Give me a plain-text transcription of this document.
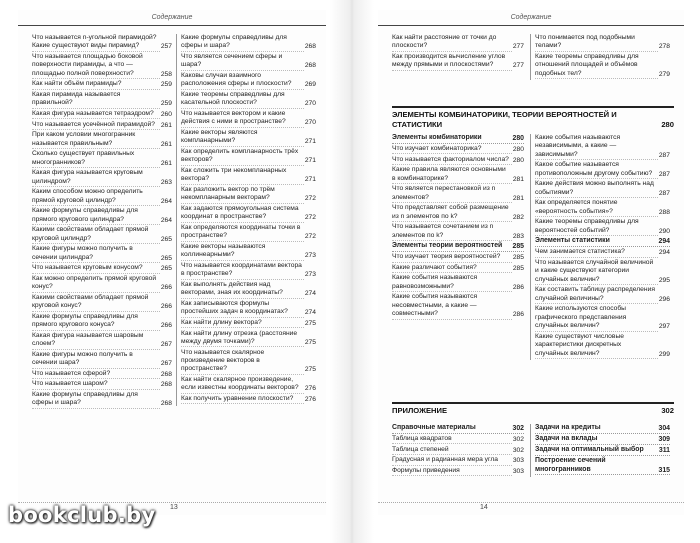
Содержание
Что называется n-угольной пирамидой? Какие существуют виды пирамид?	257
Что называется площадью боковой поверхности пирамиды, а что — площадью полной поверхности?	258
Как найти объём пирамиды?	259
Какая пирамида называется правильной?	259
Какая фигура называется тетраэдром?	260
Что называется усечённой пирамидой? 261
При каком условии многогранник называется правильным?	261
Сколько существует правильных многогранников?	261
Какая фигура называется круговым цилиндром?	263
Каким способом можно определить прямой круговой цилиндр?	264
Какие формулы справедливы для прямого кругового цилиндра?	264
Какими свойствами обладает прямой круговой цилиндр?	265
Какие фигуры можно получить в сечении цилиндра?	265
Что называется круговым конусом?	265
Как можно определить прямой круговой конус?	266
Какими свойствами обладает прямой круговой конус?	266
Какие формулы справедливы для прямого кругового конуса?	266
Какая фигура называется шаровым слоем?	267
Какие фигуры можно получить в сечении шара?	267
Что называется сферой?	268
Что называется шаром?	268
Какие формулы справедливы для сферы и шара?	268
Какие формулы справедливы для сферы и шара?	268
Что является сечением сферы и шара?	268
Каковы случаи взаимного расположения сферы и плоскости?	269
Какие теоремы справедливы для касательной плоскости?	270
Что называется вектором и какие действия с ними в пространстве?	270
Какие векторы являются компланарными?	271
Как определить компланарность трёх векторов?	271
Как сложить три некомпланарных вектора?	271
Как разложить вектор по трём некомпланарным векторам?	272
Как задаются прямоугольная система координат в пространстве?	272
Как определяются координаты точки в пространстве?	272
Какие векторы называются коллинеарными?	273
Что называется координатами вектора в пространстве?	273
Как выполнять действия над векторами, зная их координаты?	274
Как записываются формулы простейших задач в координатах?	274
Как найти длину вектора?	275
Как найти длину отрезка (расстояние между двумя точками)?	275
Что называется скалярное произведение векторов в пространстве?	275
Как найти скалярное произведение, если известны координаты векторов? 276
Как получить уравнение плоскости?	276
13
Содержание
Как найти расстояние от точки до плоскости?	277
Как производится вычисление углов между прямыми и плоскостями?	277
Что понимается под подобными телами?	278
Какие теоремы справедливы для отношений площадей и объёмов подобных тел?	279
ЭЛЕМЕНТЫ КОМБИНАТОРИКИ, ТЕОРИИ ВЕРОЯТНОСТЕЙ И СТАТИСТИКИ	280
Элементы комбинаторики	280
Что изучает комбинаторика?	280
Что называется факториалом числа? 280
Какие правила являются основными в комбинаторике?	281
Что является перестановкой из n элементов?	281
Что представляет собой размещение из n элементов по k?	282
Что называется сочетанием из n элементов по k?	283
Элементы теории вероятностей	285
Что изучает теория вероятностей?	285
Какие различают события?	285
Какие события называются равновозможными?	286
Какие события называются несовместными, а какие — совместными?	286
Какие события называются независимыми, а какие — зависимыми?	287
Какое событие называется противоположным другому событию? 287
Какие действия можно выполнять над событиями?	287
Как определяется понятие «вероятность события»?	288
Какие теоремы справедливы для вероятностей событий?	290
Элементы статистики	294
Чем занимается статистика?	294
Что называется случайной величиной и какие существуют категории случайных величин?	295
Как составить таблицу распределения случайной величины?	296
Какие используются способы графического представления случайных величин?	297
Какие существуют числовые характеристики дискретных случайных величин?	299
ПРИЛОЖЕНИЕ	302
Справочные материалы	302
Таблица квадратов	302
Таблица степеней	302
Градусная и радианная мера угла	303
Формулы приведения	303
Задачи на кредиты	304
Задачи на вклады	309
Задачи на оптимальный выбор	311
Построение сечений многогранников	315
14
bookclub.by
